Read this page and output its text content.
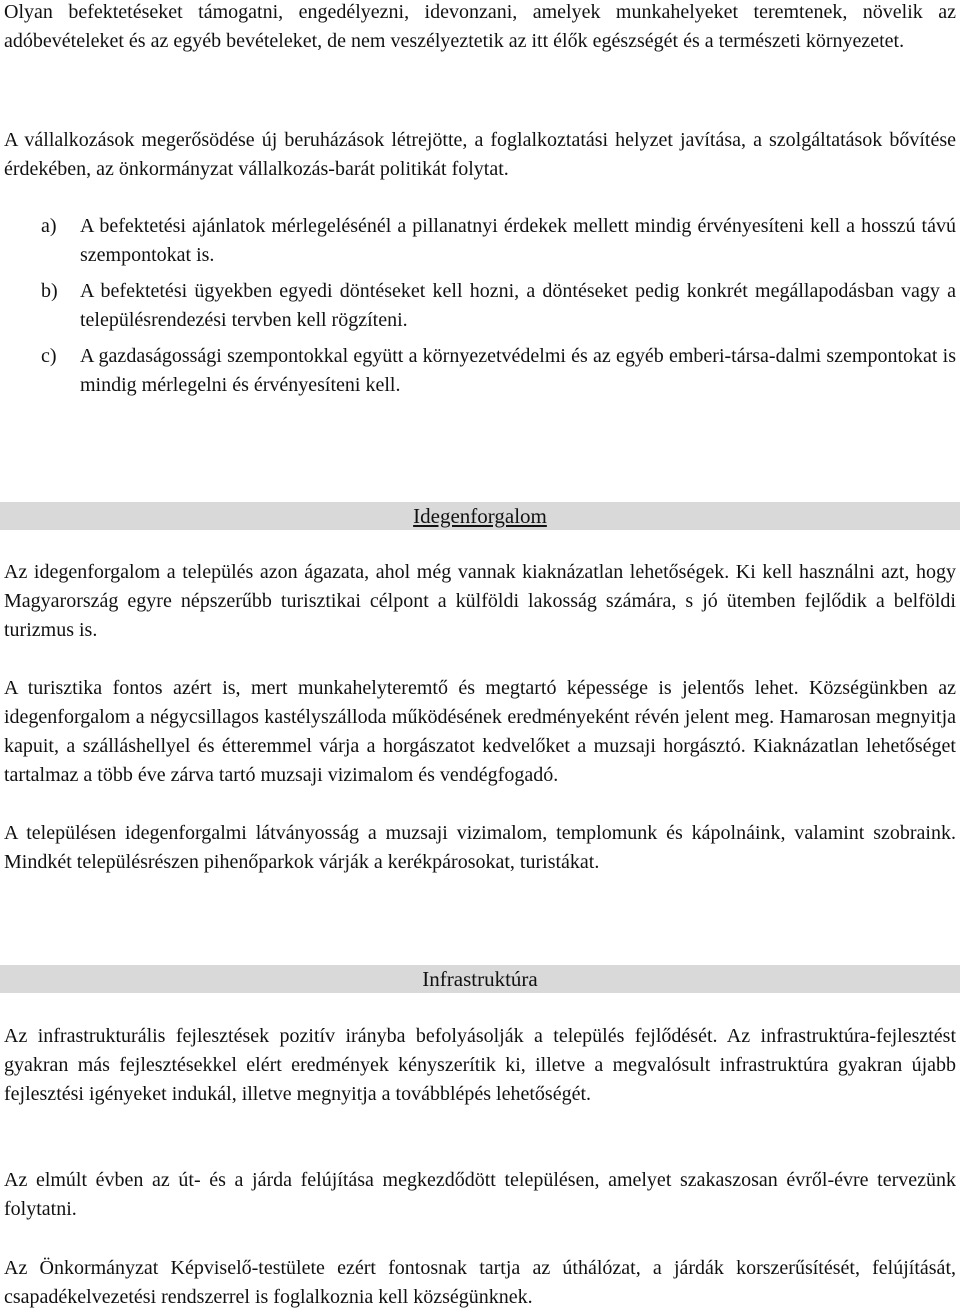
Olyan befektetéseket támogatni, engedélyezni, idevonzani, amelyek munkahelyeket teremtenek, növelik az adóbevételeket és az egyéb bevételeket, de nem veszélyeztetik az itt élők egészségét és a természeti környezetet.

A vállalkozások megerősödése új beruházások létrejötte, a foglalkoztatási helyzet javítása, a szolgáltatások bővítése érdekében, az önkormányzat vállalkozás-barát politikát folytat.

a) A befektetési ajánlatok mérlegelésénél a pillanatnyi érdekek mellett mindig érvényesíteni kell a hosszú távú szempontokat is.
b) A befektetési ügyekben egyedi döntéseket kell hozni, a döntéseket pedig konkrét megállapodásban vagy a településrendezési tervben kell rögzíteni.
c) A gazdaságossági szempontokkal együtt a környezetvédelmi és az egyéb emberi-társa-dalmi szempontokat is mindig mérlegelni és érvényesíteni kell.
Idegenforgalom

Az idegenforgalom a település azon ágazata, ahol még vannak kiaknázatlan lehetőségek. Ki kell használni azt, hogy Magyarország egyre népszerűbb turisztikai célpont a külföldi lakosság számára, s jó ütemben fejlődik a belföldi turizmus is.

A turisztika fontos azért is, mert munkahelyteremtő és megtartó képessége is jelentős lehet. Községünkben az idegenforgalom a négycsillagos kastélyszálloda működésének eredményeként révén jelent meg. Hamarosan megnyitja kapuit, a szálláshellyel és étteremmel várja a horgászatot kedvelőket a muzsaji horgásztó. Kiaknázatlan lehetőséget tartalmaz a több éve zárva tartó muzsaji vizimalom és vendégfogadó.

A településen idegenforgalmi látványosság a muzsaji vizimalom, templomunk és kápolnáink, valamint szobraink. Mindkét településrészen pihenőparkok várják a kerékpárosokat, turistákat.

Infrastruktúra

Az infrastrukturális fejlesztések pozitív irányba befolyásolják a település fejlődését. Az infrastruktúra-fejlesztést gyakran más fejlesztésekkel elért eredmények kényszerítik ki, illetve a megvalósult infrastruktúra gyakran újabb fejlesztési igényeket indukál, illetve megnyitja a továbblépés lehetőségét.

Az elmúlt évben az út- és a járda felújítása megkezdődött településen, amelyet szakaszosan évről-évre tervezünk folytatni.

Az Önkormányzat Képviselő-testülete ezért fontosnak tartja az úthálózat, a járdák korszerűsítését, felújítását, csapadékelvezetési rendszerrel is foglalkoznia kell községünknek.
